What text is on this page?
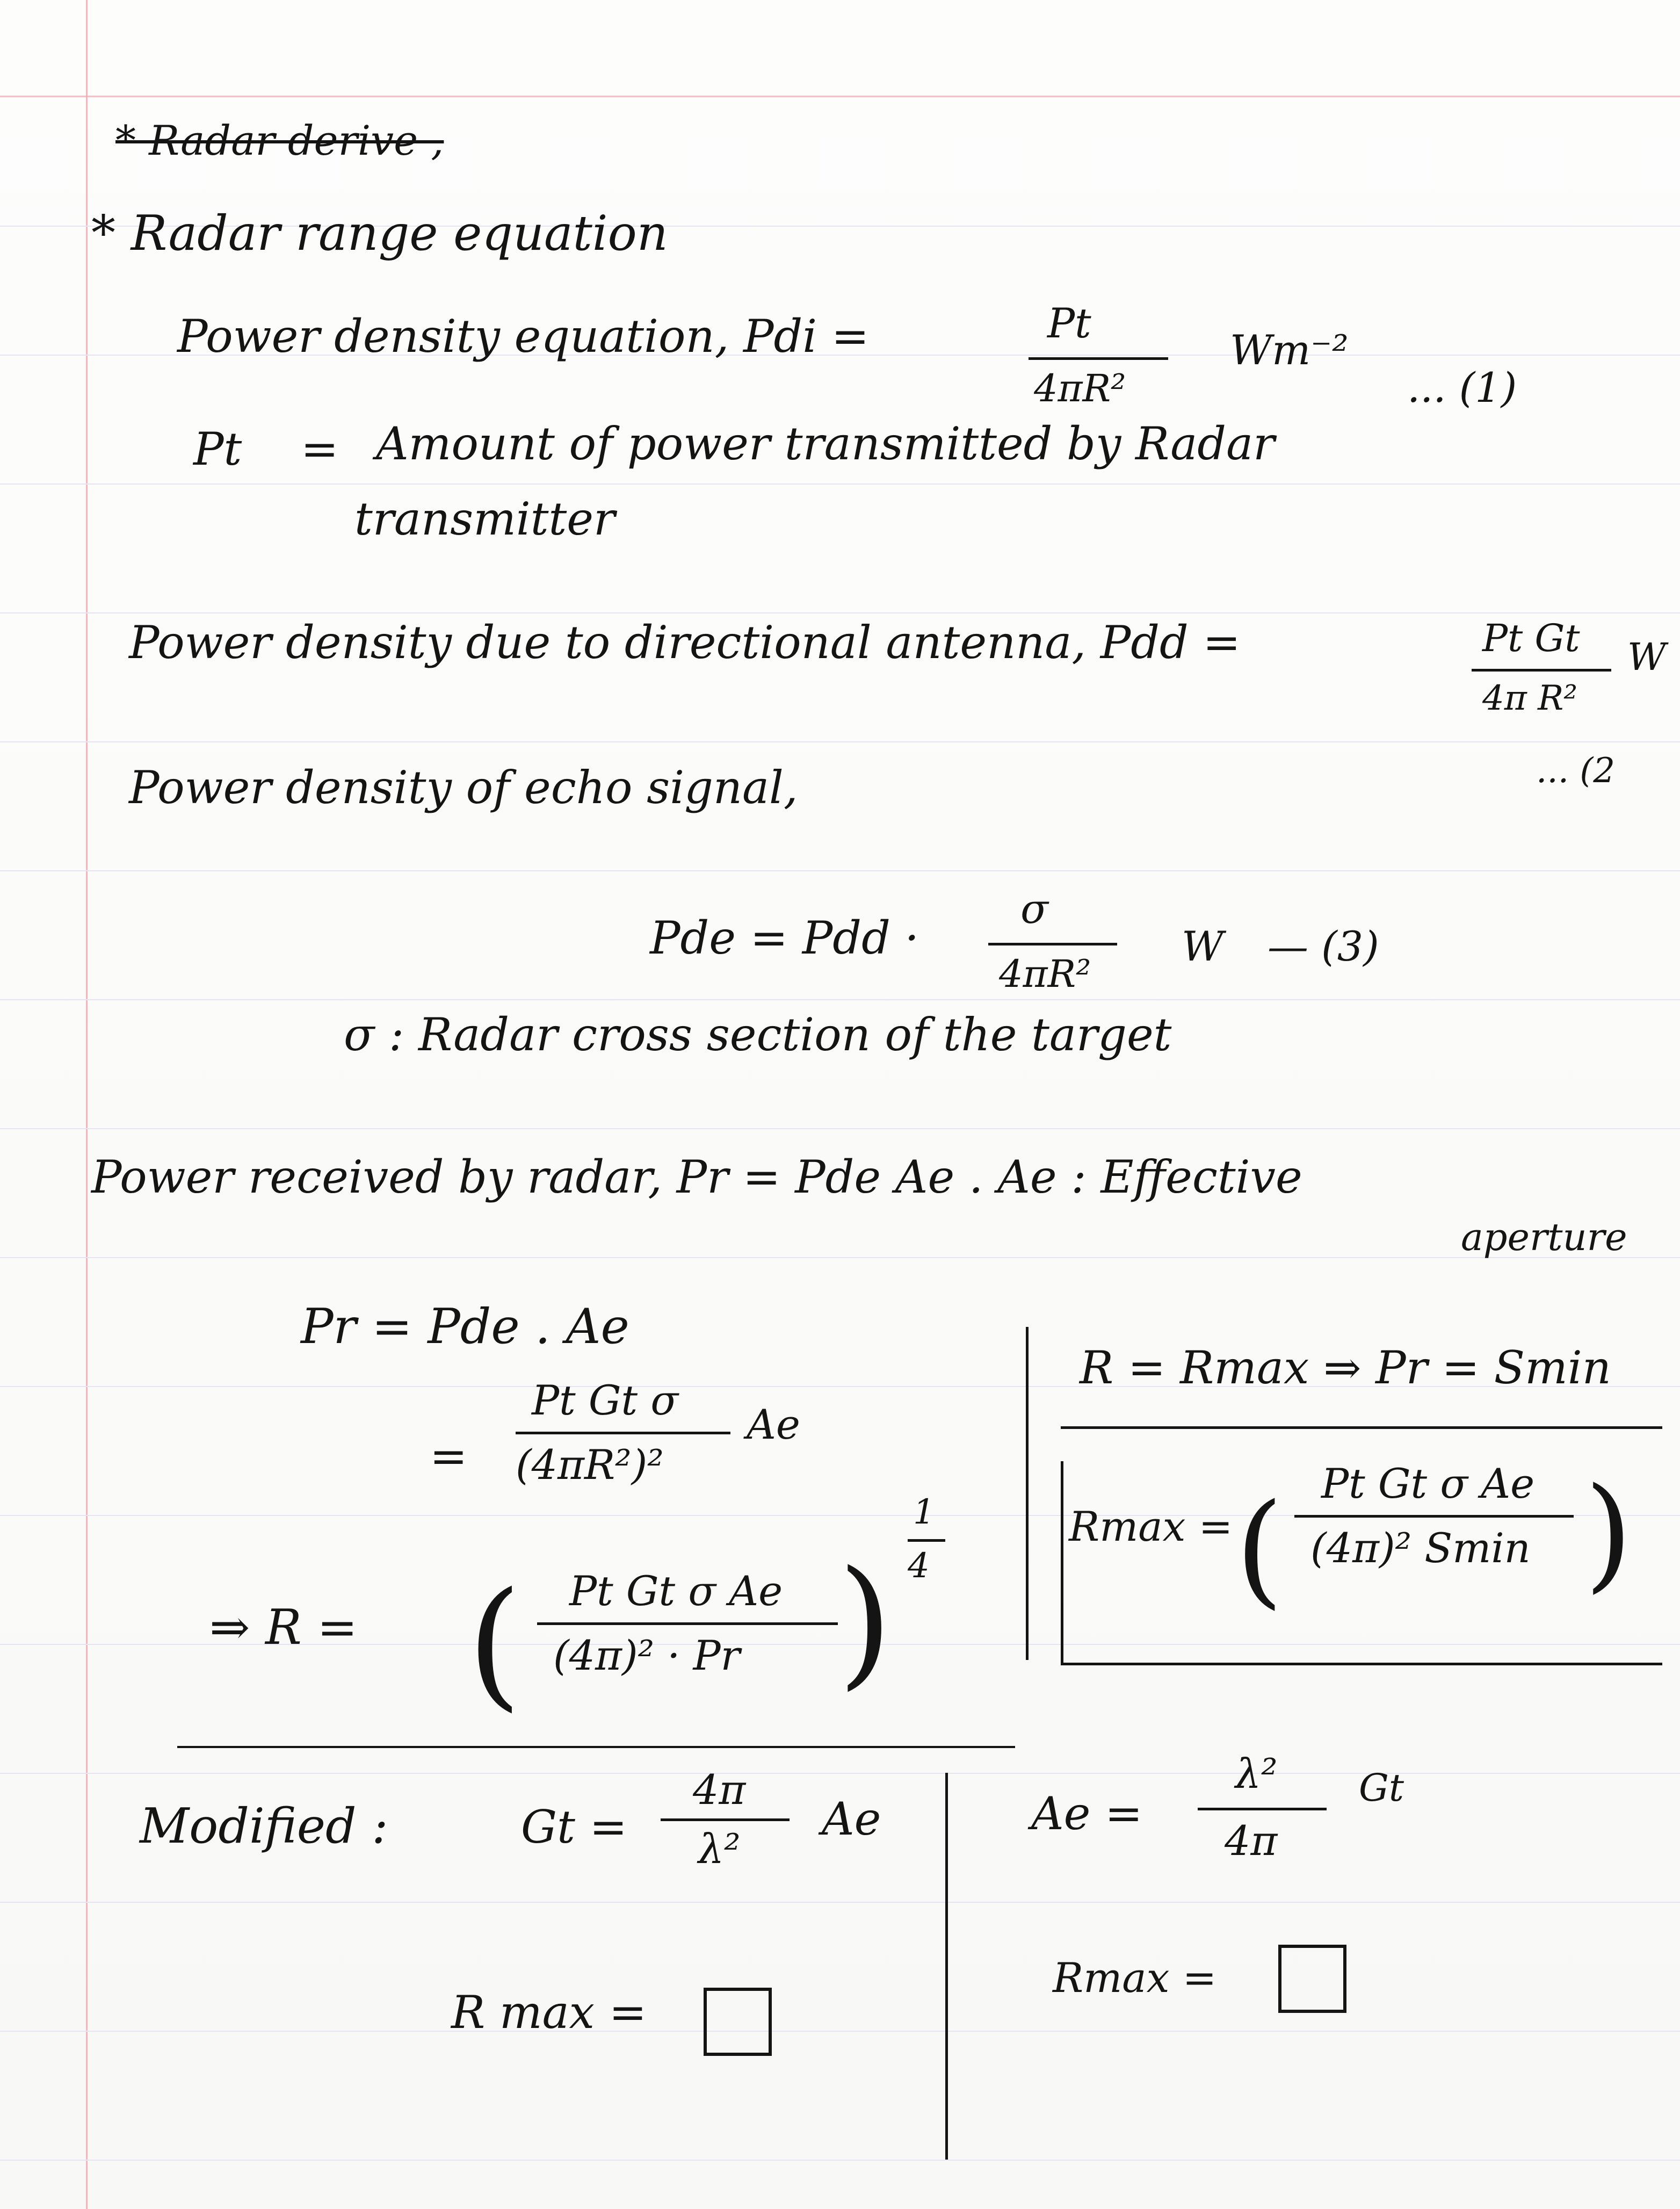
* Radar derive ,
* Radar range equation
Power density equation, Pdi =	Pt
4πR²
Wm⁻²
... (1)
Pt = Amount of power transmitted by Radar
transmitter
Power density due to directional antenna, Pdd =	Pt Gt
4π R²
W
... (2
Power density of echo signal,
Pde = Pdd ·
σ
4πR²
W — (3)
σ : Radar cross section of the target
Power received by radar, Pr = Pde Ae . Ae : Effective
aperture
Pr = Pde . Ae
=
Pt Gt σ
(4πR²)²
Ae
⇒ R = ( Pt Gt σ Ae
(4π)² · Pr )
1
4
R = Rmax ⇒ Pr = Smin
Rmax = ( Pt Gt σ Ae
(4π)² Smin )
Modified :	Gt =
4π
λ²
Ae	Ae =
λ²
4π
Gt
R max =
Rmax =
